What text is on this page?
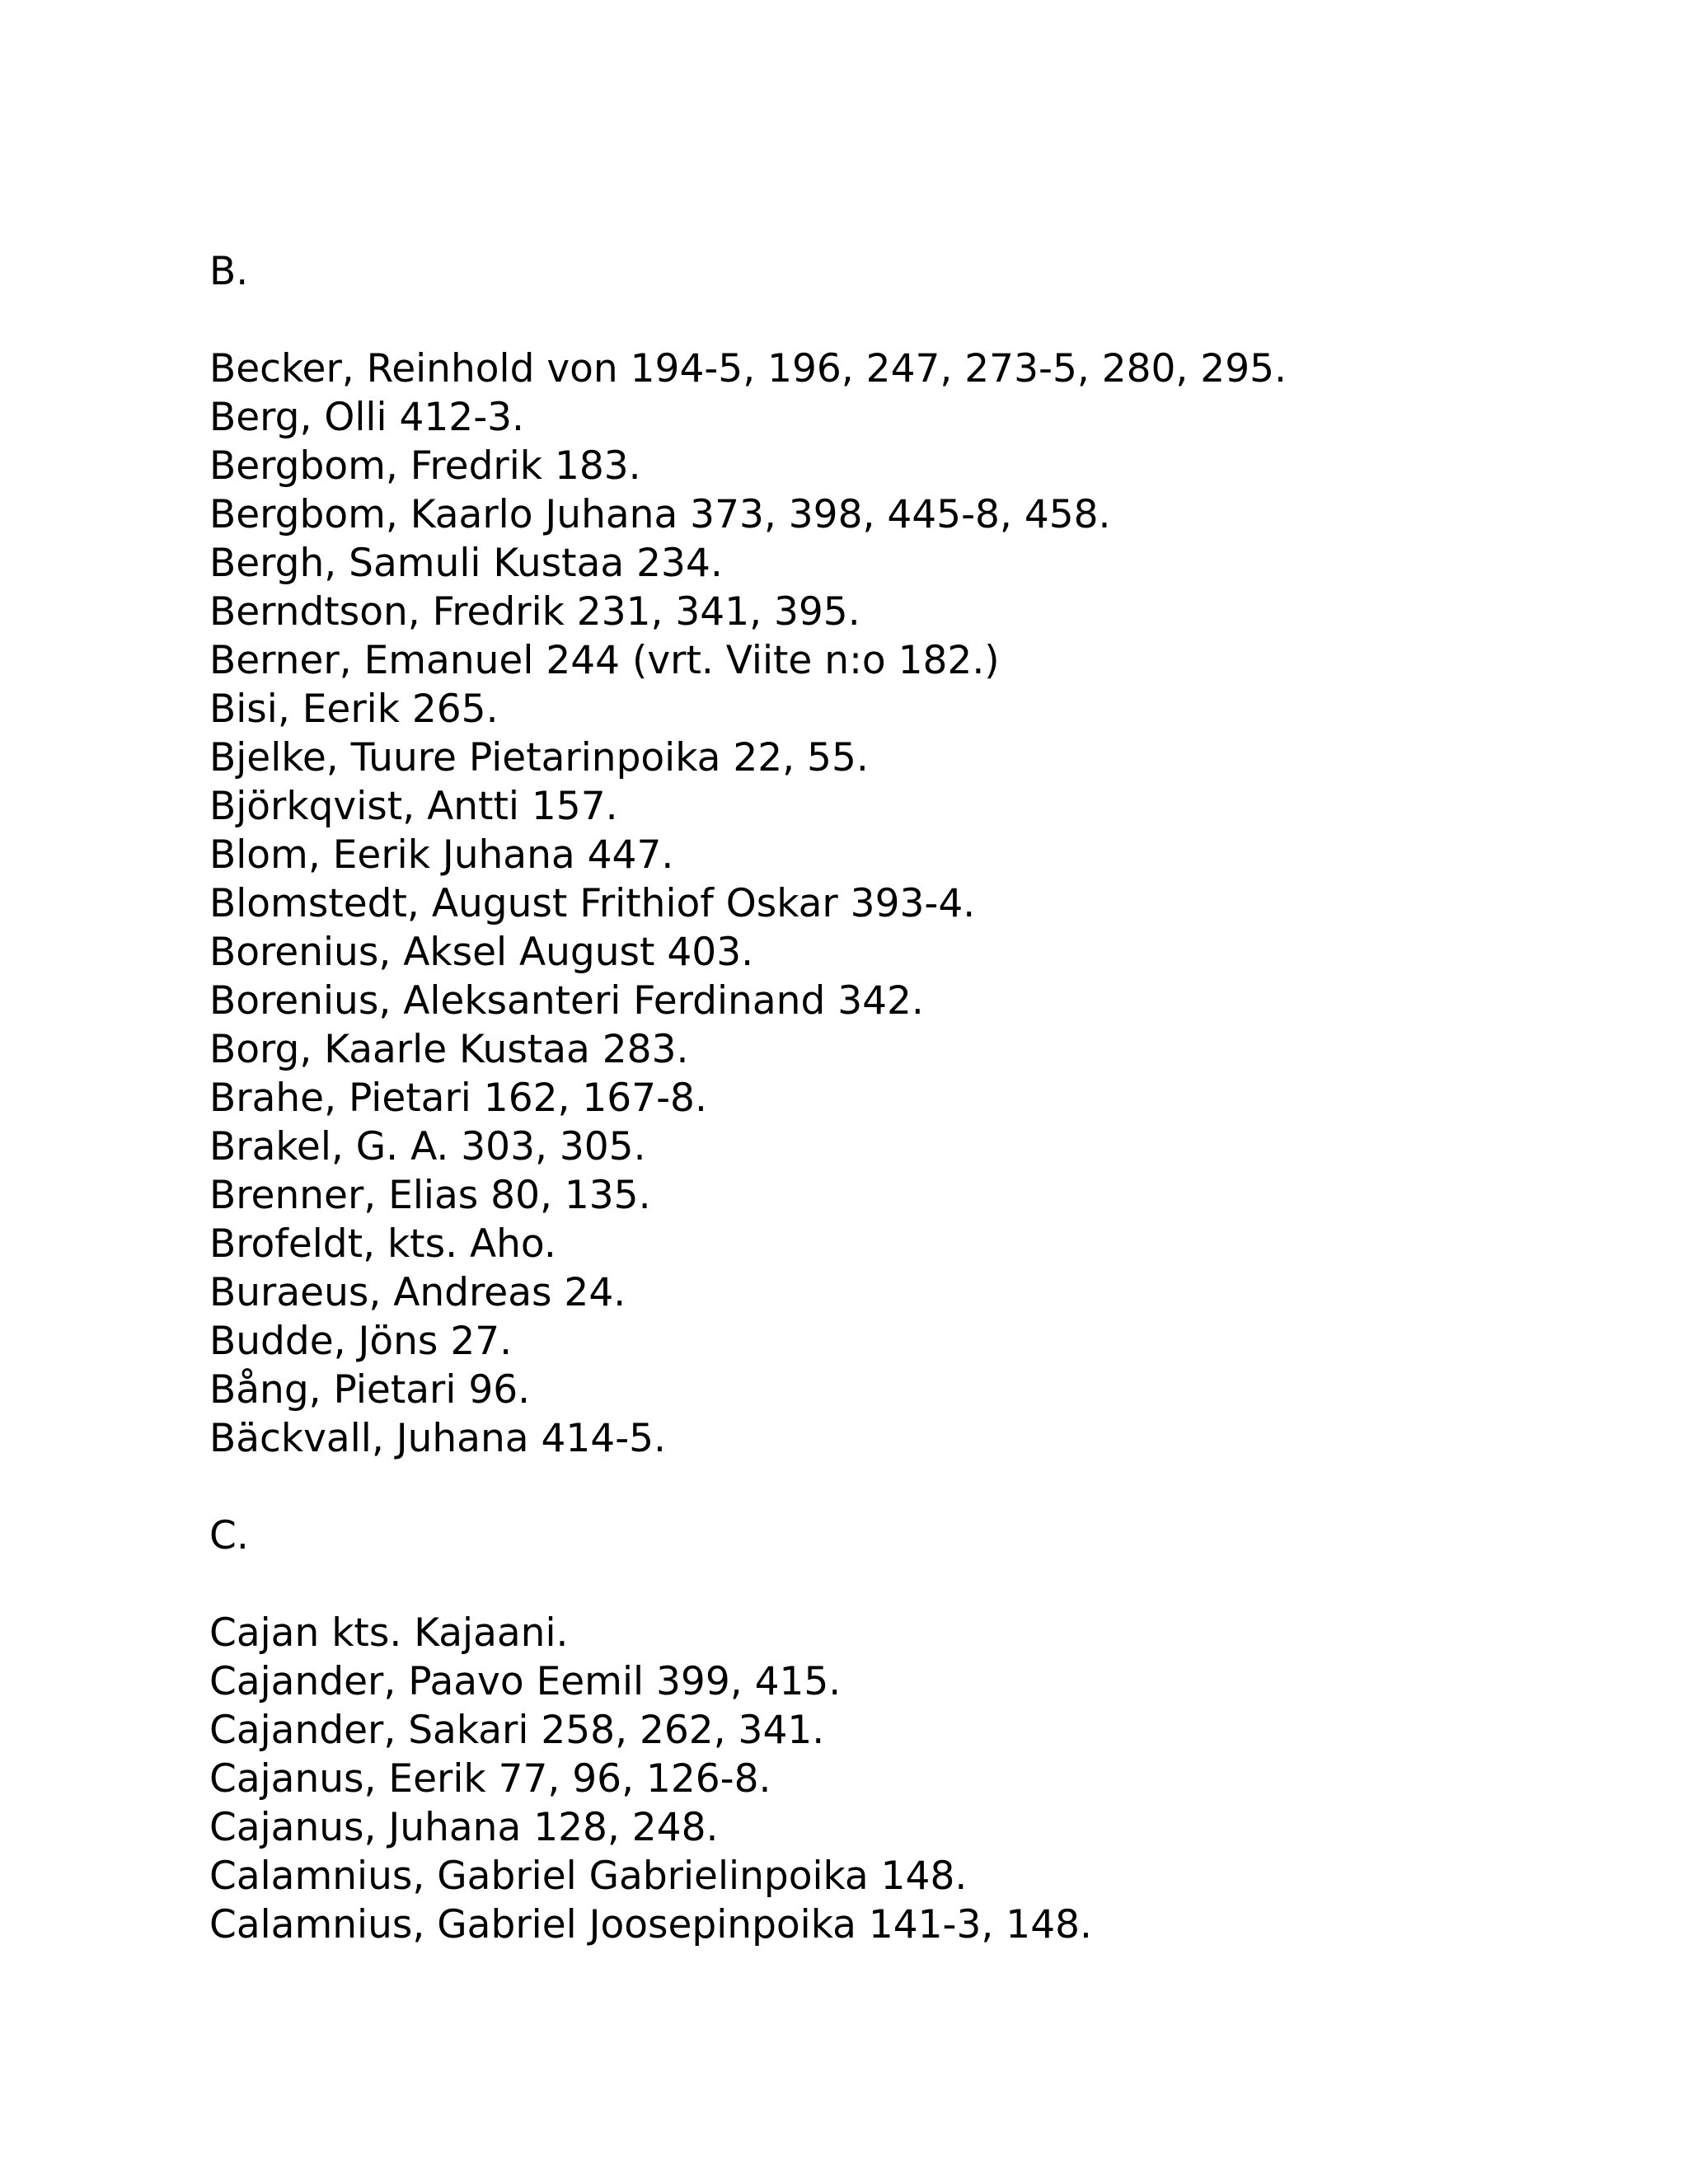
B.
Becker, Reinhold von 194-5, 196, 247, 273-5, 280, 295.
Berg, Olli 412-3.
Bergbom, Fredrik 183.
Bergbom, Kaarlo Juhana 373, 398, 445-8, 458.
Bergh, Samuli Kustaa 234.
Berndtson, Fredrik 231, 341, 395.
Berner, Emanuel 244 (vrt. Viite n:o 182.)
Bisi, Eerik 265.
Bjelke, Tuure Pietarinpoika 22, 55.
Björkqvist, Antti 157.
Blom, Eerik Juhana 447.
Blomstedt, August Frithiof Oskar 393-4.
Borenius, Aksel August 403.
Borenius, Aleksanteri Ferdinand 342.
Borg, Kaarle Kustaa 283.
Brahe, Pietari 162, 167-8.
Brakel, G. A. 303, 305.
Brenner, Elias 80, 135.
Brofeldt, kts. Aho.
Buraeus, Andreas 24.
Budde, Jöns 27.
Bång, Pietari 96.
Bäckvall, Juhana 414-5.
C.
Cajan kts. Kajaani.
Cajander, Paavo Eemil 399, 415.
Cajander, Sakari 258, 262, 341.
Cajanus, Eerik 77, 96, 126-8.
Cajanus, Juhana 128, 248.
Calamnius, Gabriel Gabrielinpoika 148.
Calamnius, Gabriel Joosepinpoika 141-3, 148.
